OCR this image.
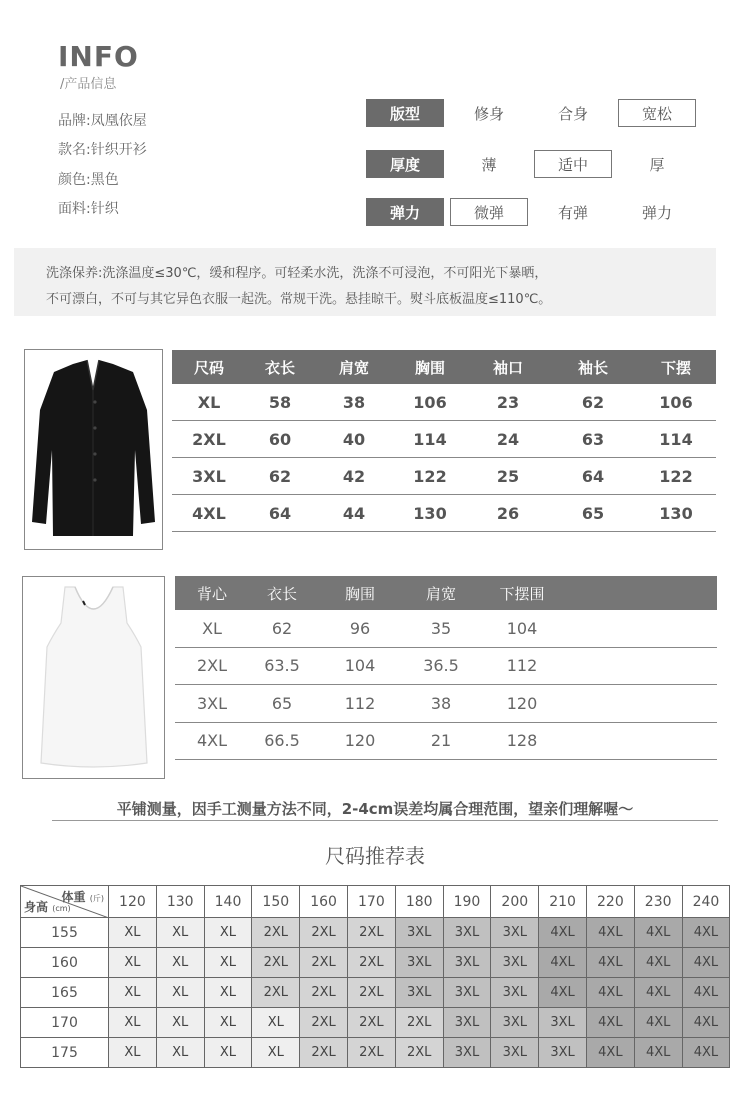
INFO
/产品信息
品牌:凤凰依屋
款名:针织开衫
颜色:黑色
面料:针织
版型	修身	合身	宽松
厚度	薄	适中	厚
弹力	微弹	有弹	弹力
洗涤保养:洗涤温度≤30℃，缓和程序。可轻柔水洗，洗涤不可浸泡，不可阳光下暴晒，
不可漂白，不可与其它异色衣服一起洗。常规干洗。悬挂晾干。熨斗底板温度≤110℃。
尺码	衣长	肩宽	胸围	袖口	袖长	下摆
XL	58	38	106	23	62	106
2XL	60	40	114	24	63	114
3XL	62	42	122	25	64	122
4XL	64	44	130	26	65	130
背心	衣长	胸围	肩宽	下摆围
XL	62	96	35	104
2XL	63.5	104	36.5	112
3XL	65	112	38	120
4XL	66.5	120	21	128
平铺测量，因手工测量方法不同，2-4cm误差均属合理范围，望亲们理解喔～
尺码推荐表
体重 (斤)
身高 (cm)	120	130	140	150	160	170	180	190	200	210	220	230	240
155	XL	XL	XL	2XL	2XL	2XL	3XL	3XL	3XL	4XL	4XL	4XL	4XL
160	XL	XL	XL	2XL	2XL	2XL	3XL	3XL	3XL	4XL	4XL	4XL	4XL
165	XL	XL	XL	2XL	2XL	2XL	3XL	3XL	3XL	4XL	4XL	4XL	4XL
170	XL	XL	XL	XL	2XL	2XL	2XL	3XL	3XL	3XL	4XL	4XL	4XL
175	XL	XL	XL	XL	2XL	2XL	2XL	3XL	3XL	3XL	4XL	4XL	4XL
